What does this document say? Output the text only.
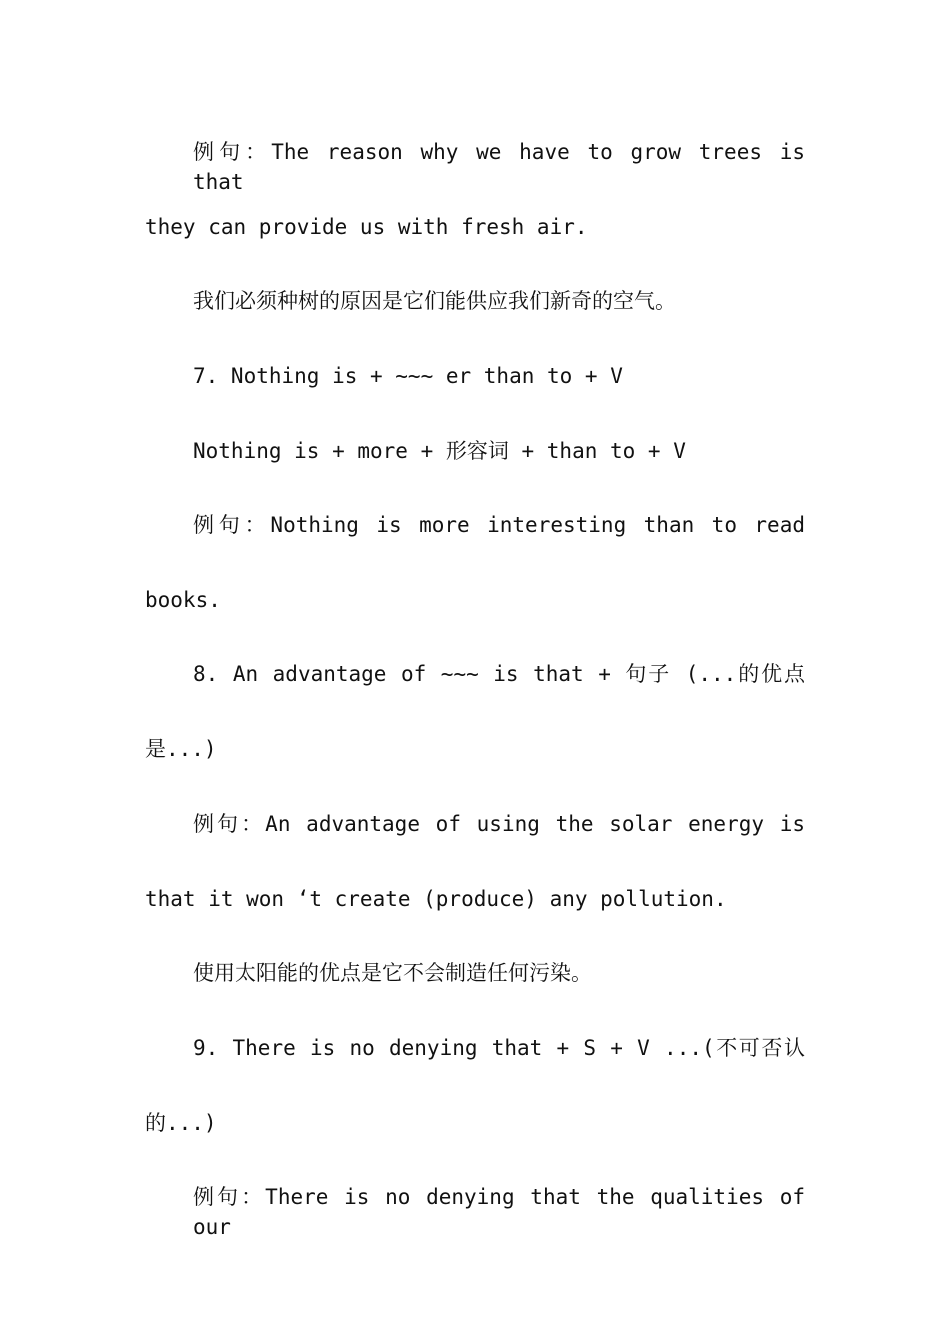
例句：The reason why we have to grow trees is that
they can provide us with fresh air.
我们必须种树的原因是它们能供应我们新奇的空气。
7. Nothing is + ~~~ er than to + V
Nothing is + more + 形容词 + than to + V
例句：Nothing is more interesting than to read
books.
8. An advantage of ~~~ is that + 句子 (...的优点
是...)
例句：An advantage of using the solar energy is
that it won ‘t create (produce) any pollution.
使用太阳能的优点是它不会制造任何污染。
9. There is no denying that + S + V ...(不可否认
的...)
例句：There is no denying that the qualities of our
